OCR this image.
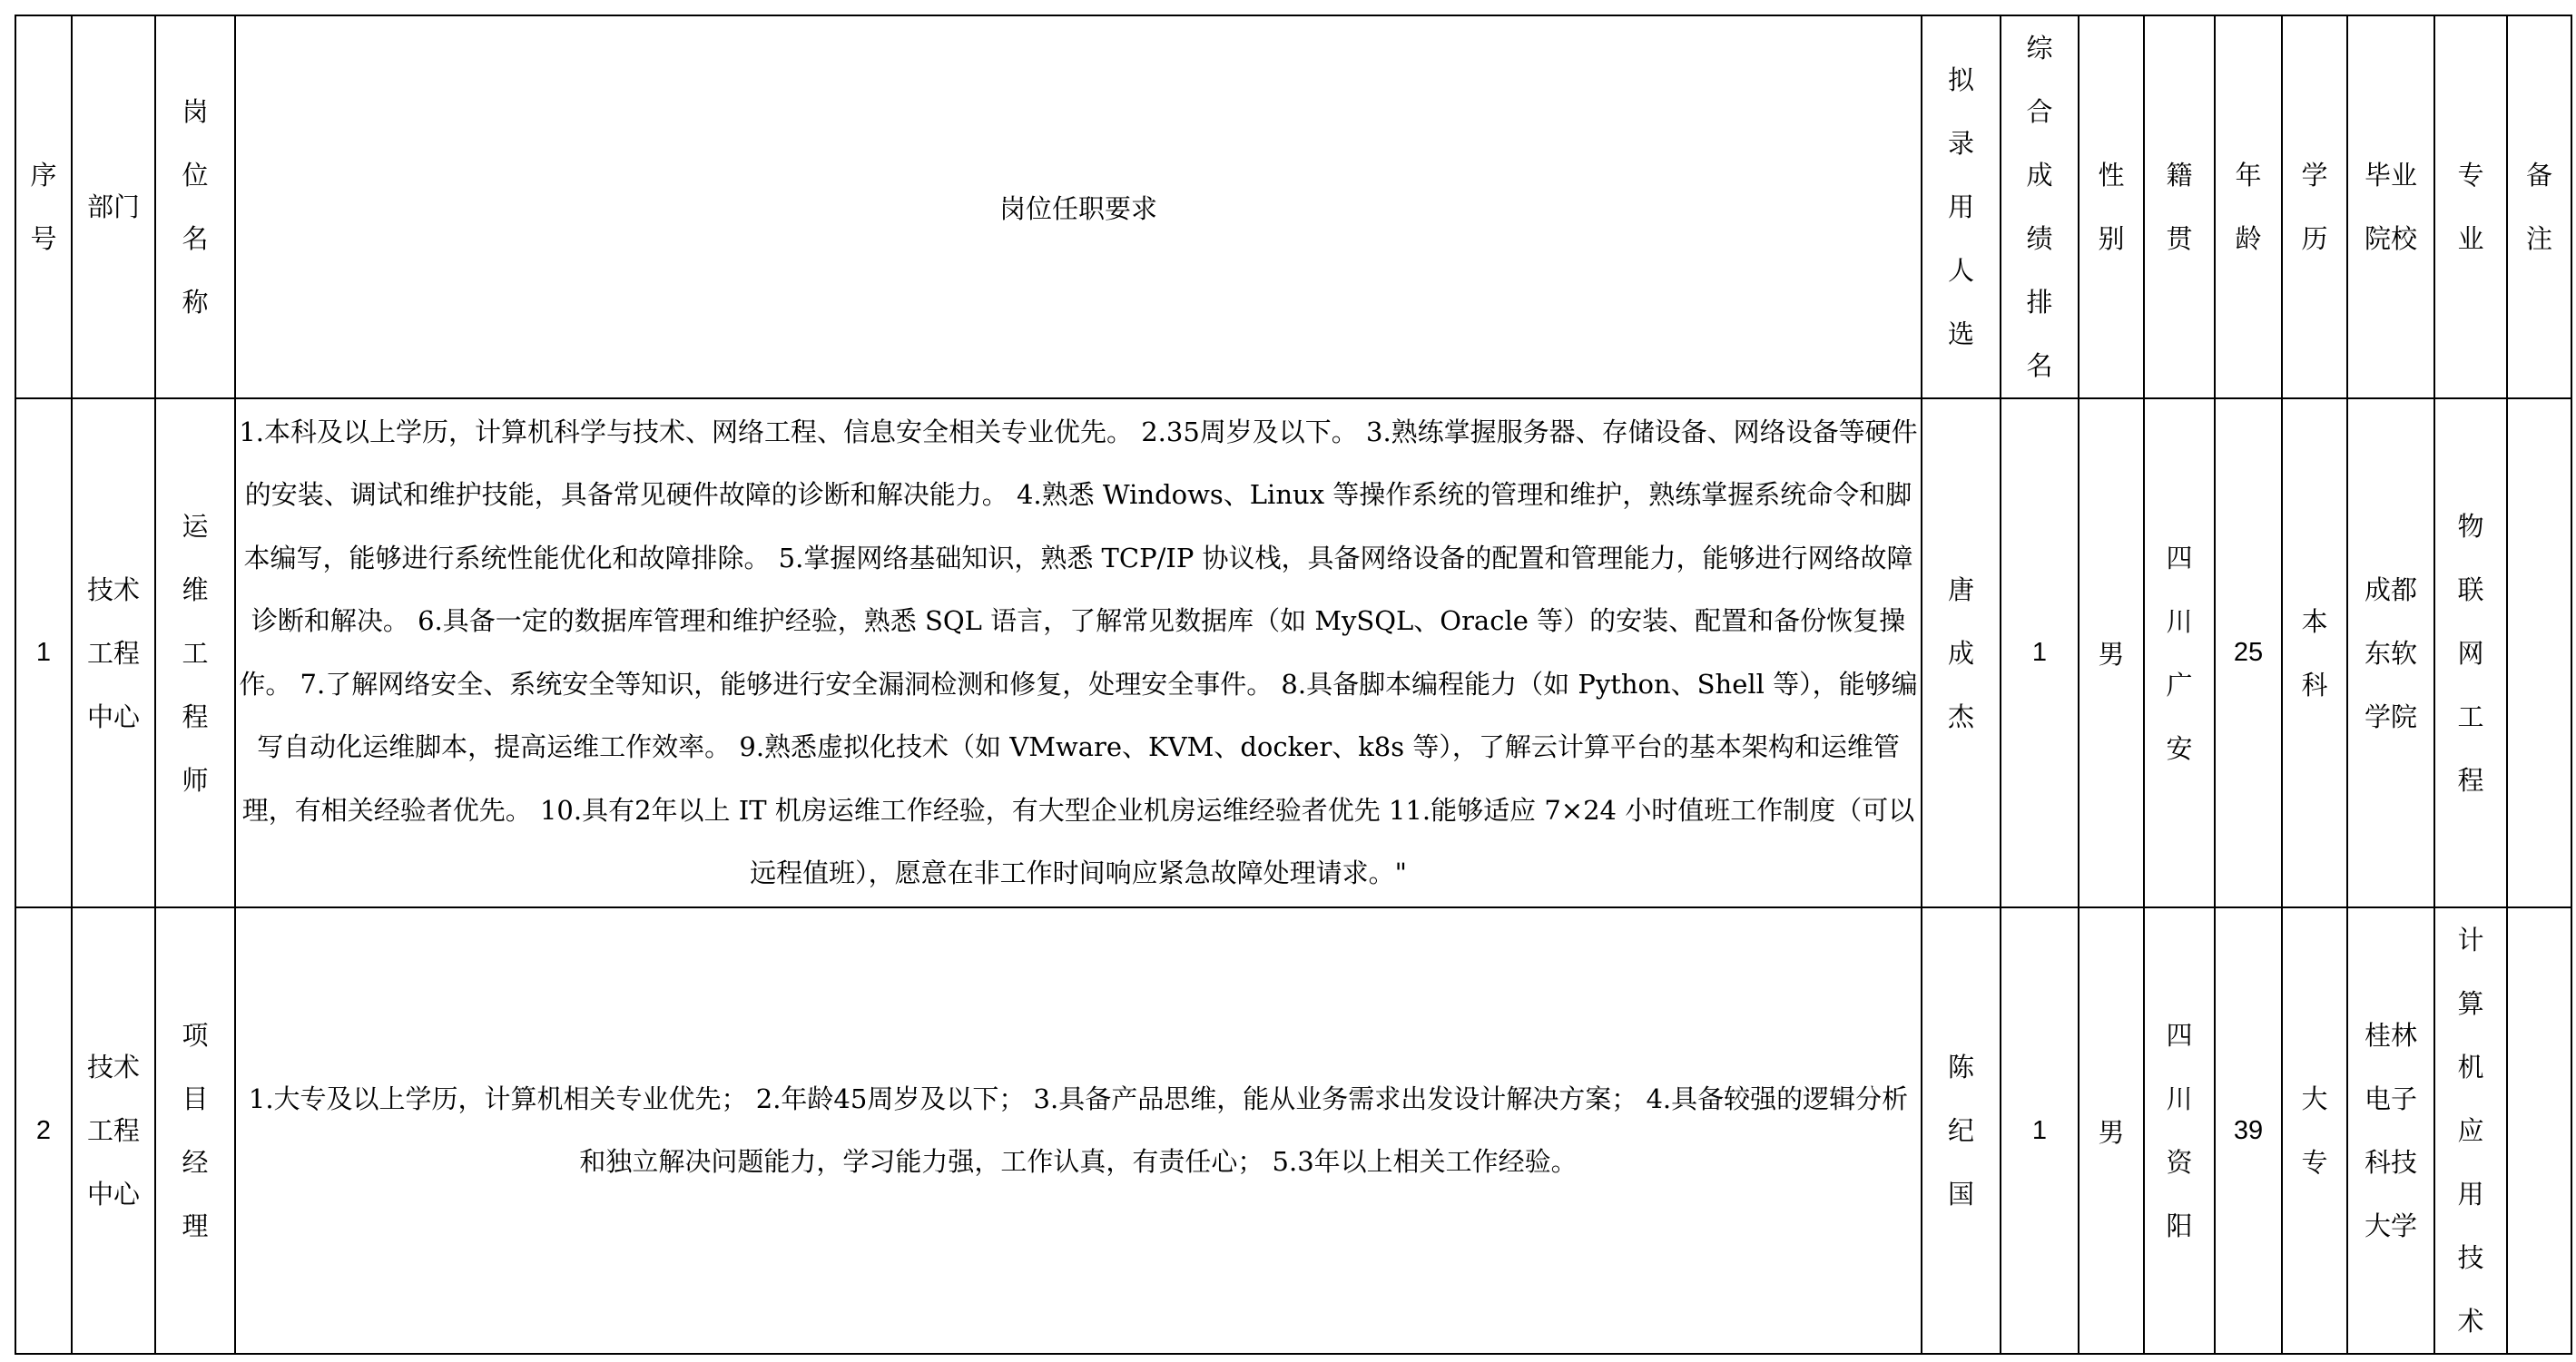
序号	部门	岗位名称	岗位任职要求	拟录用人选	综合成绩排名	性别	籍贯	年龄	学历	毕业院校	专业	备注
1	技术工程中心	运维工程师	1.本科及以上学历，计算机科学与技术、网络工程、信息安全相关专业优先。 2.35周岁及以下。 3.熟练掌握服务器、存储设备、网络设备等硬件的安装、调试和维护技能，具备常见硬件故障的诊断和解决能力。 4.熟悉 Windows、Linux 等操作系统的管理和维护，熟练掌握系统命令和脚本编写，能够进行系统性能优化和故障排除。 5.掌握网络基础知识，熟悉 TCP/IP 协议栈，具备网络设备的配置和管理能力，能够进行网络故障诊断和解决。 6.具备一定的数据库管理和维护经验，熟悉 SQL 语言，了解常见数据库（如 MySQL、Oracle 等）的安装、配置和备份恢复操作。 7.了解网络安全、系统安全等知识，能够进行安全漏洞检测和修复，处理安全事件。 8.具备脚本编程能力（如 Python、Shell 等），能够编写自动化运维脚本，提高运维工作效率。 9.熟悉虚拟化技术（如 VMware、KVM、docker、k8s 等），了解云计算平台的基本架构和运维管理，有相关经验者优先。 10.具有2年以上 IT 机房运维工作经验，有大型企业机房运维经验者优先 11.能够适应 7×24 小时值班工作制度（可以远程值班），愿意在非工作时间响应紧急故障处理请求。"	唐成杰	1	男	四川广安	25	本科	成都东软学院	物联网工程	
2	技术工程中心	项目经理	1.大专及以上学历，计算机相关专业优先； 2.年龄45周岁及以下； 3.具备产品思维，能从业务需求出发设计解决方案； 4.具备较强的逻辑分析和独立解决问题能力，学习能力强，工作认真，有责任心； 5.3年以上相关工作经验。	陈纪国	1	男	四川资阳	39	大专	桂林电子科技大学	计算机应用技术	
